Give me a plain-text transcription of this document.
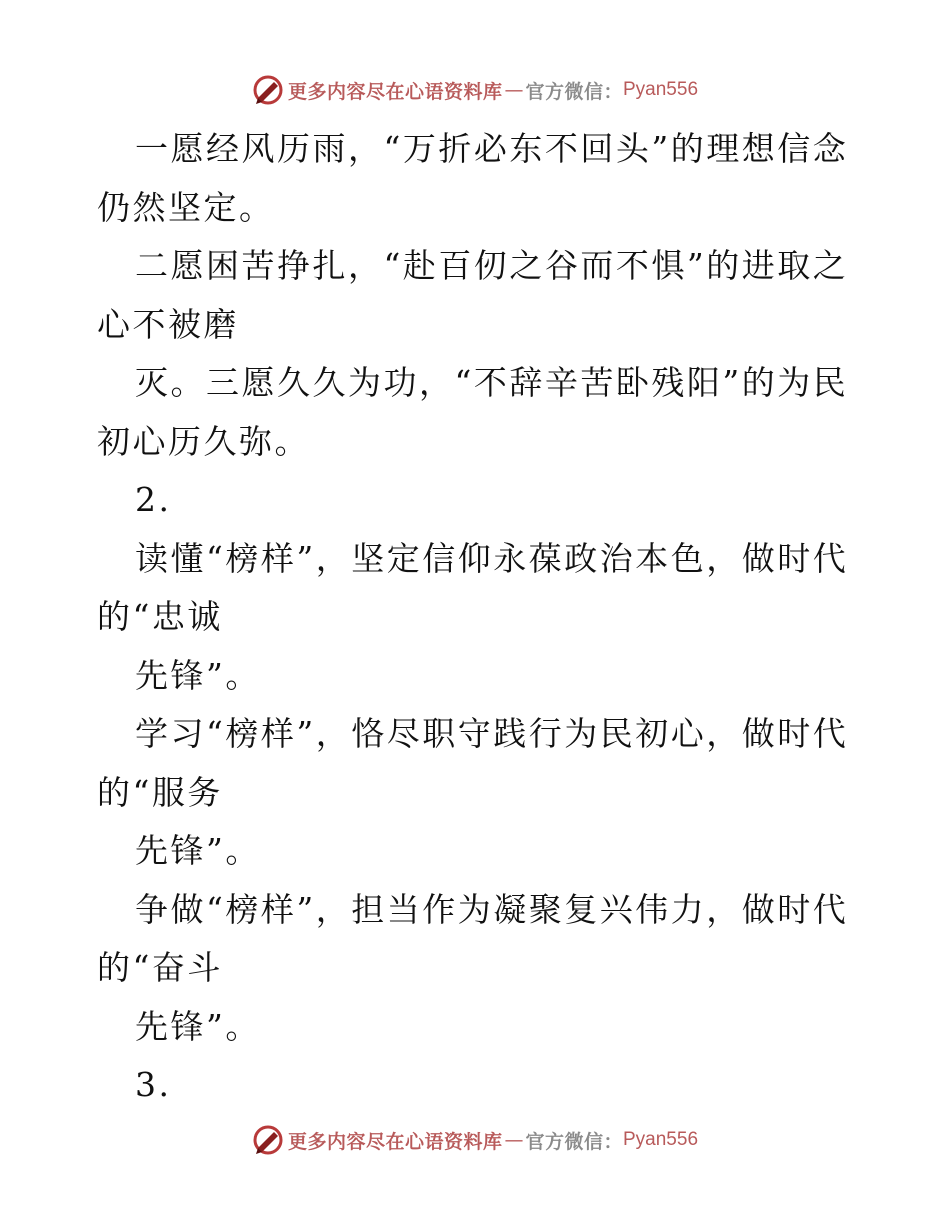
更多内容尽在心语资料库 — 官方微信： Pyan556
一愿经风历雨，“万折必东不回头”的理想信念
仍然坚定。
二愿困苦挣扎，“赴百仞之谷而不惧”的进取之
心不被磨
灭。三愿久久为功，“不辞辛苦卧残阳”的为民
初心历久弥。
2.
读懂“榜样”，坚定信仰永葆政治本色，做时代
的“忠诚
先锋”。
学习“榜样”，恪尽职守践行为民初心，做时代
的“服务
先锋”。
争做“榜样”，担当作为凝聚复兴伟力，做时代
的“奋斗
先锋”。
3.
更多内容尽在心语资料库 — 官方微信： Pyan556
